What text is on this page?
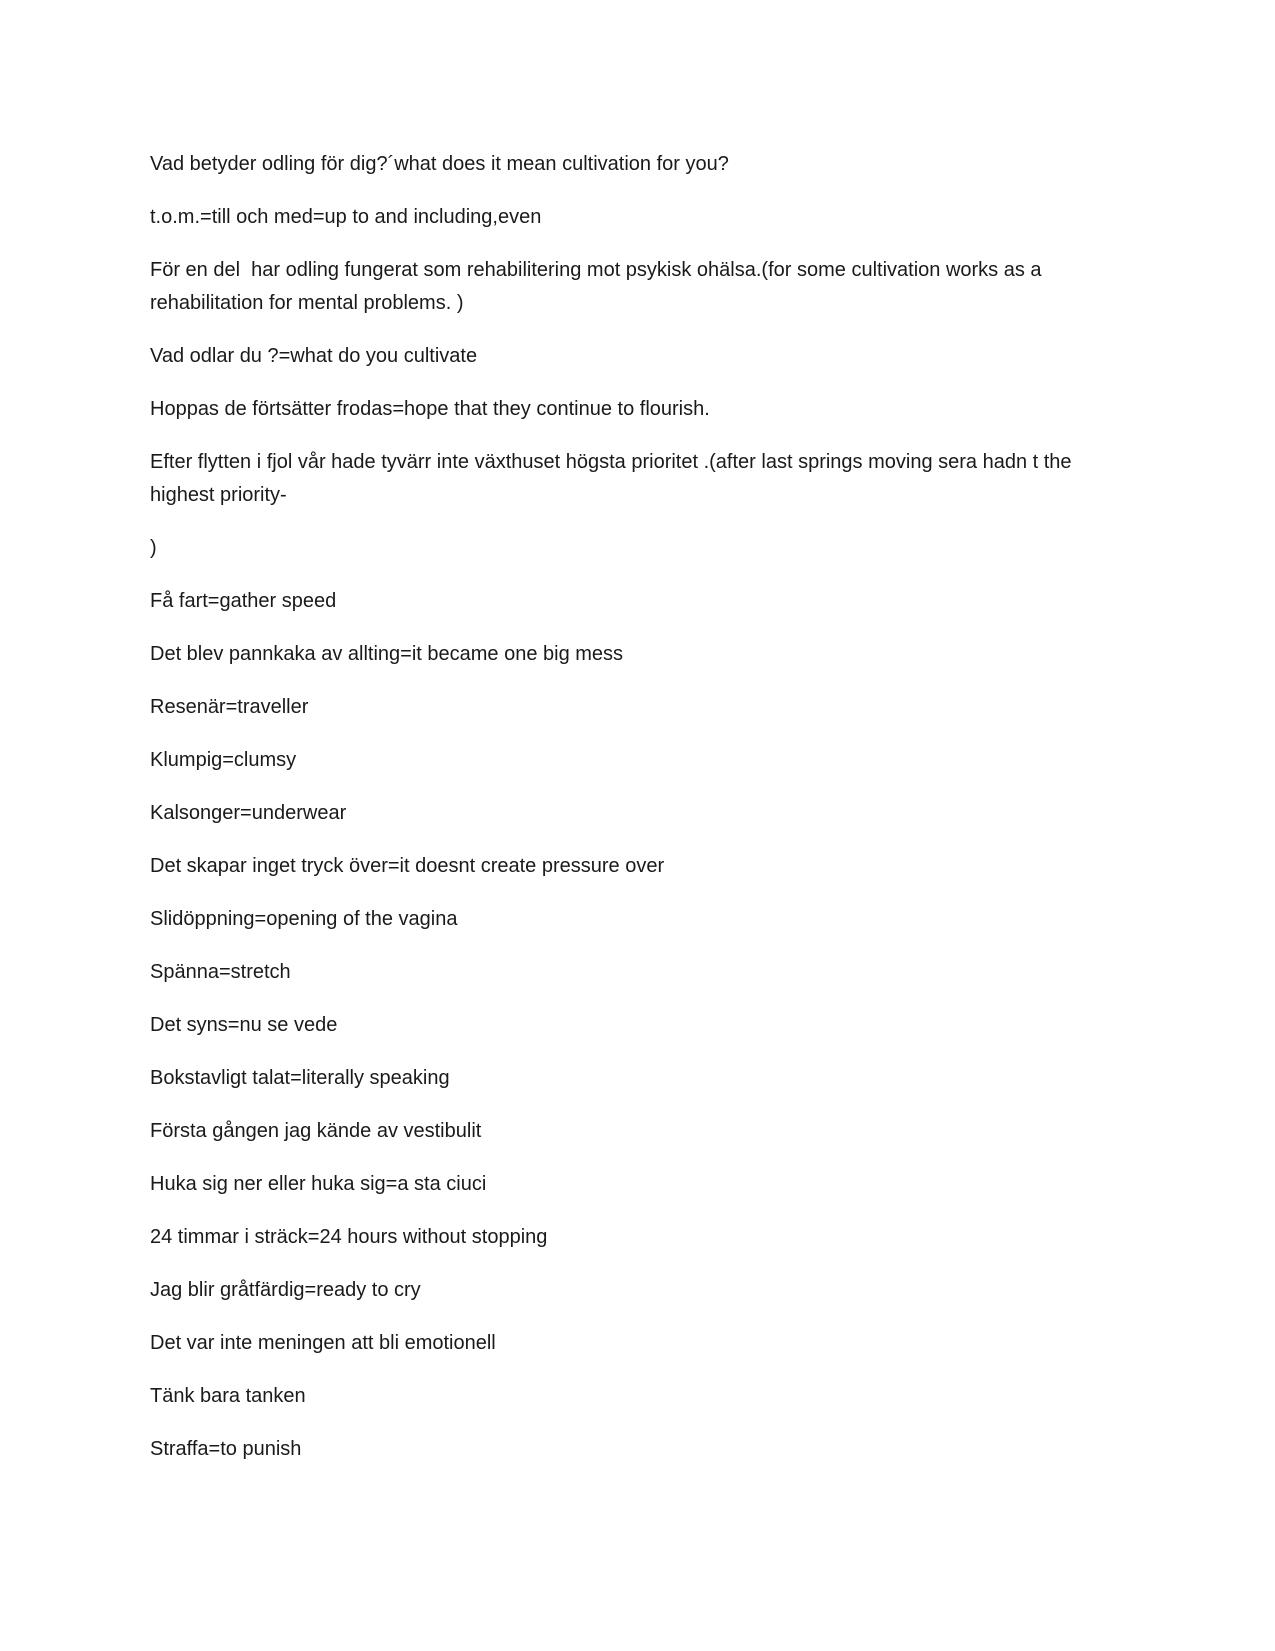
Vad betyder odling för dig?´what does it mean cultivation for you?

t.o.m.=till och med=up to and including,even

För en del  har odling fungerat som rehabilitering mot psykisk ohälsa.(for some cultivation works as a rehabilitation for mental problems. )

Vad odlar du ?=what do you cultivate

Hoppas de förtsätter frodas=hope that they continue to flourish.

Efter flytten i fjol vår hade tyvärr inte växthuset högsta prioritet .(after last springs moving sera hadn t the highest priority-

)

Få fart=gather speed

Det blev pannkaka av allting=it became one big mess

Resenär=traveller

Klumpig=clumsy

Kalsonger=underwear

Det skapar inget tryck över=it doesnt create pressure over

Slidöppning=opening of the vagina

Spänna=stretch

Det syns=nu se vede

Bokstavligt talat=literally speaking

Första gången jag kände av vestibulit

Huka sig ner eller huka sig=a sta ciuci

24 timmar i sträck=24 hours without stopping

Jag blir gråtfärdig=ready to cry

Det var inte meningen att bli emotionell

Tänk bara tanken

Straffa=to punish
